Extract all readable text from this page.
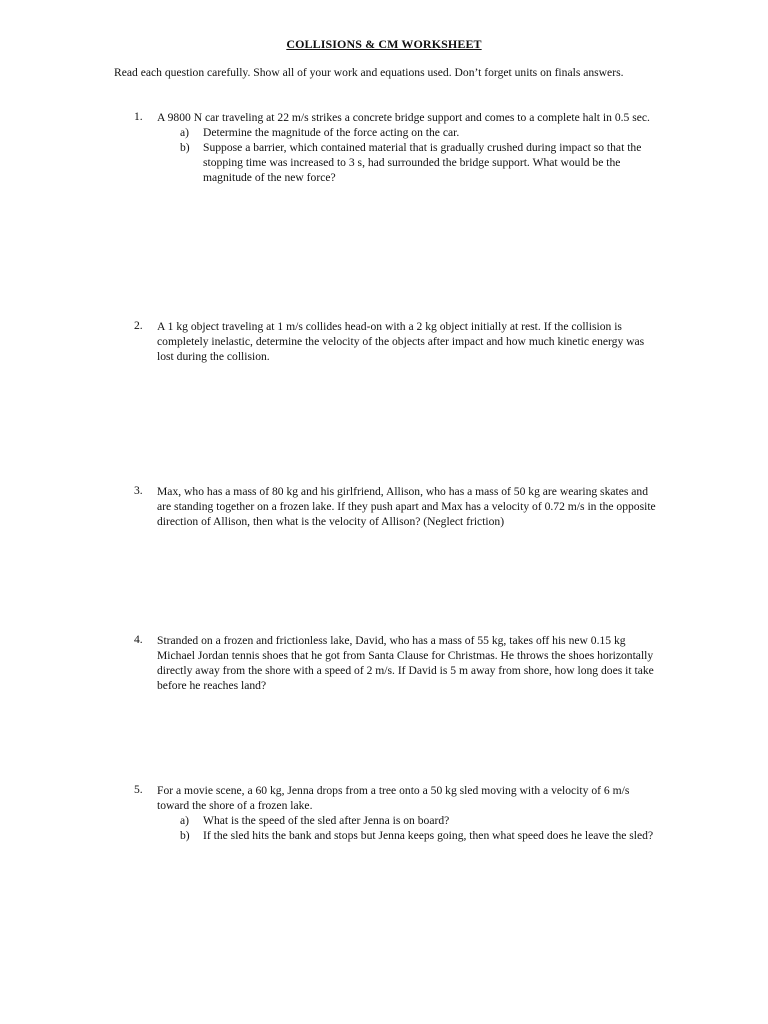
COLLISIONS & CM WORKSHEET
Read each question carefully. Show all of your work and equations used. Don’t forget units on finals answers.
1.	A 9800 N car traveling at 22 m/s strikes a concrete bridge support and comes to a complete halt in 0.5 sec.
a) Determine the magnitude of the force acting on the car.
b) Suppose a barrier, which contained material that is gradually crushed during impact so that the stopping time was increased to 3 s, had surrounded the bridge support. What would be the magnitude of the new force?
2.	A 1 kg object traveling at 1 m/s collides head-on with a 2 kg object initially at rest. If the collision is completely inelastic, determine the velocity of the objects after impact and how much kinetic energy was lost during the collision.
3.	Max, who has a mass of 80 kg and his girlfriend, Allison, who has a mass of 50 kg are wearing skates and are standing together on a frozen lake. If they push apart and Max has a velocity of 0.72 m/s in the opposite direction of Allison, then what is the velocity of Allison? (Neglect friction)
4.	Stranded on a frozen and frictionless lake, David, who has a mass of 55 kg, takes off his new 0.15 kg Michael Jordan tennis shoes that he got from Santa Clause for Christmas. He throws the shoes horizontally directly away from the shore with a speed of 2 m/s. If David is 5 m away from shore, how long does it take before he reaches land?
5.	For a movie scene, a 60 kg, Jenna drops from a tree onto a 50 kg sled moving with a velocity of 6 m/s toward the shore of a frozen lake.
a) What is the speed of the sled after Jenna is on board?
b) If the sled hits the bank and stops but Jenna keeps going, then what speed does he leave the sled?
